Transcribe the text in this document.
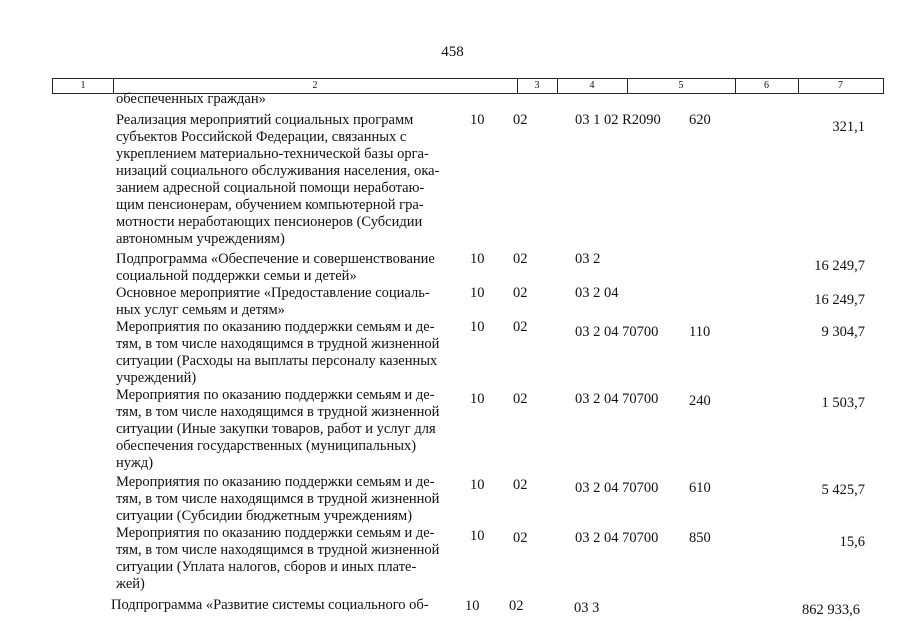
458
1	2	3	4	5	6	7
обеспеченных граждан»
Реализация мероприятий социальных программ
субъектов Российской Федерации, связанных с
укреплением материально-технической базы орга-
низаций социального обслуживания населения, ока-
занием адресной социальной помощи неработаю-
щим пенсионерам, обучением компьютерной гра-
мотности неработающих пенсионеров (Субсидии
автономным учреждениям)
10 02	03 1 02 R2090 620	321,1
Подпрограмма «Обеспечение и совершенствование
социальной поддержки семьи и детей»
10 02	03 2	16 249,7
Основное мероприятие «Предоставление социаль-
ных услуг семьям и детям»
10 02	03 2 04	16 249,7
Мероприятия по оказанию поддержки семьям и де-
тям, в том числе находящимся в трудной жизненной
ситуации (Расходы на выплаты персоналу казенных
учреждений)
10 02	03 2 04 70700 110	9 304,7
Мероприятия по оказанию поддержки семьям и де-
тям, в том числе находящимся в трудной жизненной
ситуации (Иные закупки товаров, работ и услуг для
обеспечения государственных (муниципальных)
нужд)
10 02	03 2 04 70700 240	1 503,7
Мероприятия по оказанию поддержки семьям и де-
тям, в том числе находящимся в трудной жизненной
ситуации (Субсидии бюджетным учреждениям)
10 02	03 2 04 70700 610	5 425,7
Мероприятия по оказанию поддержки семьям и де-
тям, в том числе находящимся в трудной жизненной
ситуации (Уплата налогов, сборов и иных плате-
жей)
10 02	03 2 04 70700 850	15,6
Подпрограмма «Развитие системы социального об-	10 02	03 3	862 933,6
